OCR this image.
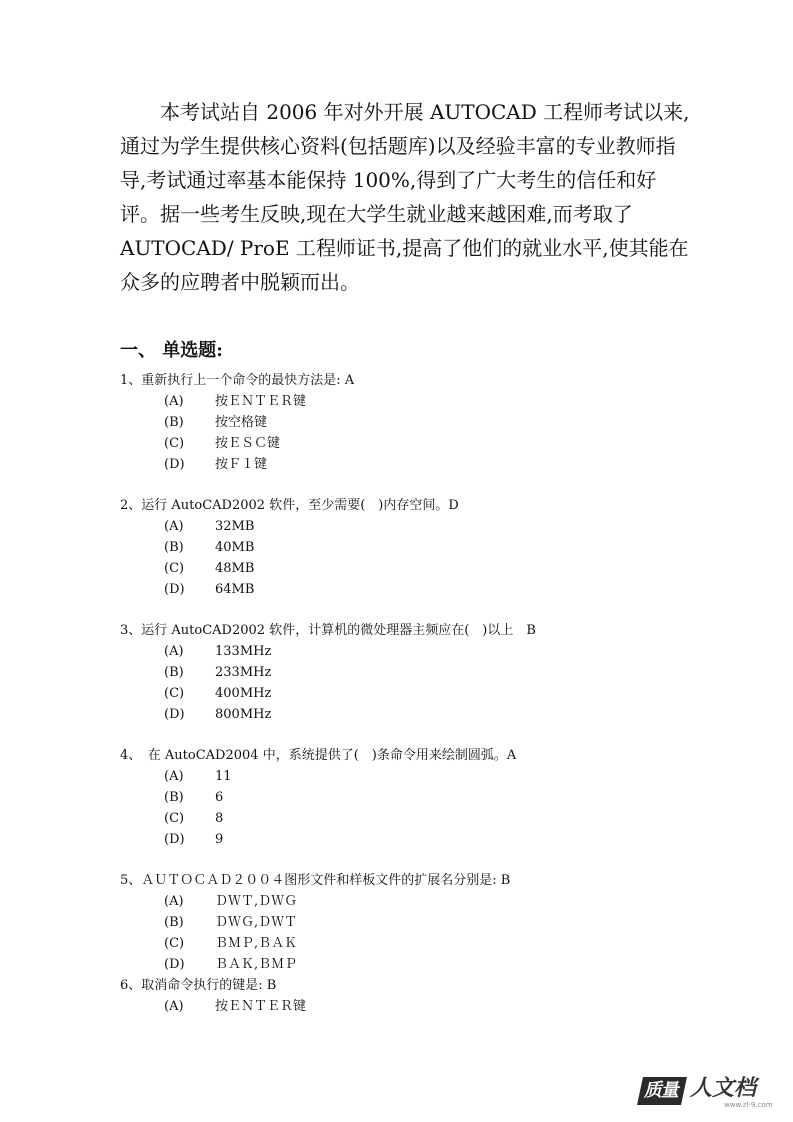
本考试站自 2006 年对外开展 AUTOCAD 工程师考试以来,通过为学生提供核心资料(包括题库)以及经验丰富的专业教师指导,考试通过率基本能保持 100%,得到了广大考生的信任和好评。据一些考生反映,现在大学生就业越来越困难,而考取了AUTOCAD/ ProE 工程师证书,提高了他们的就业水平,使其能在众多的应聘者中脱颖而出。

一、 单选题:
1、重新执行上一个命令的最快方法是: A
(A)	按ＥＮＴＥＲ键
(B)	按空格键
(C)	按ＥＳＣ键
(D)	按Ｆ１键
2、运行 AutoCAD2002 软件，至少需要(　)内存空间。D
(A)	32MB
(B)	40MB
(C)	48MB
(D)	64MB
3、运行 AutoCAD2002 软件，计算机的微处理器主频应在(　)以上　B
(A)	133MHz
(B)	233MHz
(C)	400MHz
(D)	800MHz
4、　在 AutoCAD2004 中，系统提供了(　)条命令用来绘制圆弧。A
(A)	11
(B)	6
(C)	8
(D)	9
5、ＡＵＴＯＣＡＤ２００４图形文件和样板文件的扩展名分别是: B
(A)	ＤＷＴ,ＤＷＧ
(B)	ＤＷＧ,ＤＷＴ
(C)	ＢＭＰ,ＢＡＫ
(D)	ＢＡＫ,ＢＭＰ
6、取消命令执行的键是: B
(A)	按ＥＮＴＥＲ键
质量 人文档
www.zl-9.com
